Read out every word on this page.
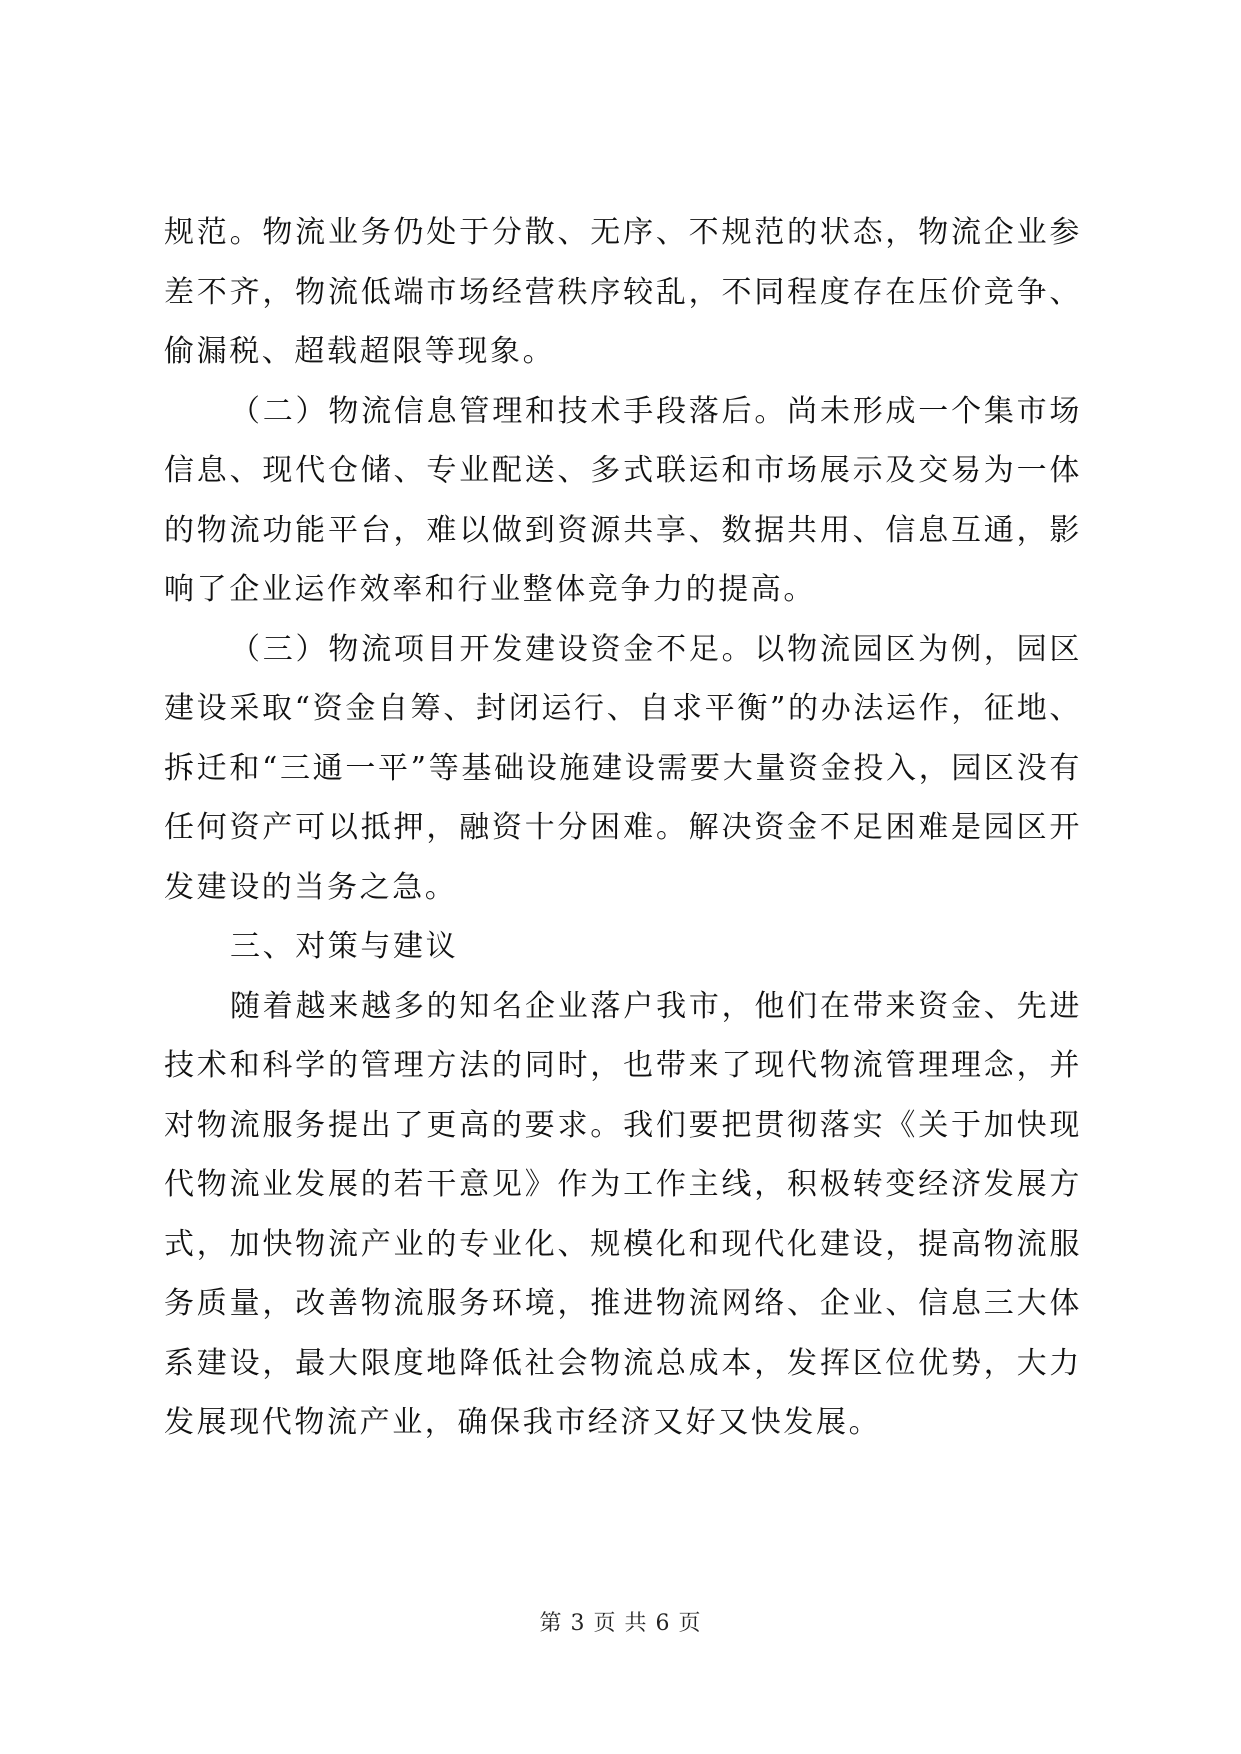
规范。物流业务仍处于分散、无序、不规范的状态，物流企业参差不齐，物流低端市场经营秩序较乱，不同程度存在压价竞争、偷漏税、超载超限等现象。

（二）物流信息管理和技术手段落后。尚未形成一个集市场信息、现代仓储、专业配送、多式联运和市场展示及交易为一体的物流功能平台，难以做到资源共享、数据共用、信息互通，影响了企业运作效率和行业整体竞争力的提高。

（三）物流项目开发建设资金不足。以物流园区为例，园区建设采取“资金自筹、封闭运行、自求平衡”的办法运作，征地、拆迁和“三通一平”等基础设施建设需要大量资金投入，园区没有任何资产可以抵押，融资十分困难。解决资金不足困难是园区开发建设的当务之急。

三、对策与建议

随着越来越多的知名企业落户我市，他们在带来资金、先进技术和科学的管理方法的同时，也带来了现代物流管理理念，并对物流服务提出了更高的要求。我们要把贯彻落实《关于加快现代物流业发展的若干意见》作为工作主线，积极转变经济发展方式，加快物流产业的专业化、规模化和现代化建设，提高物流服务质量，改善物流服务环境，推进物流网络、企业、信息三大体系建设，最大限度地降低社会物流总成本，发挥区位优势，大力发展现代物流产业，确保我市经济又好又快发展。

第 3 页 共 6 页
